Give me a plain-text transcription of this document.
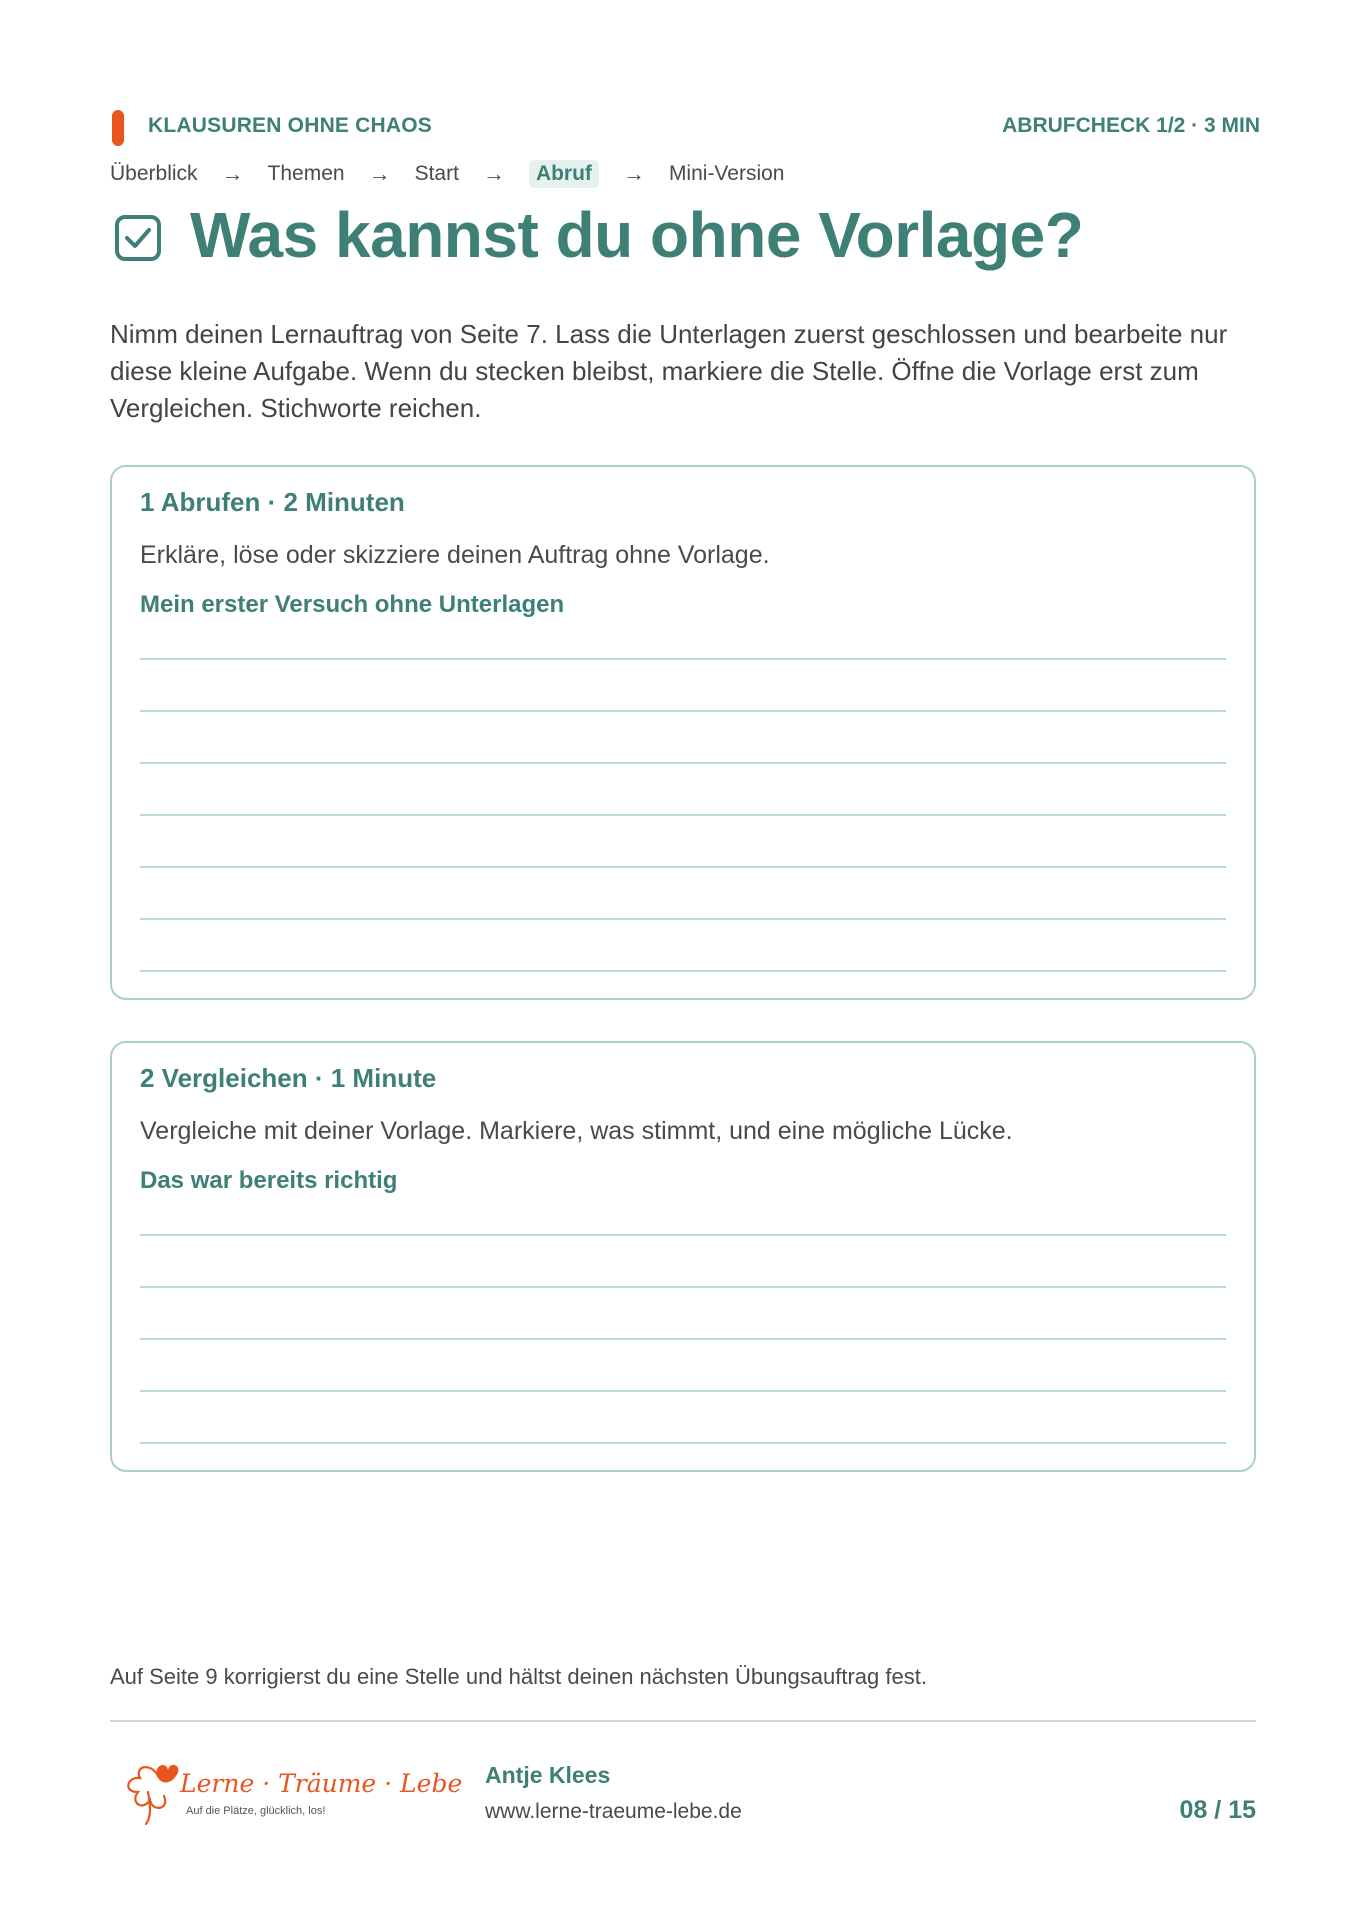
KLAUSUREN OHNE CHAOS	ABRUFCHECK 1/2 · 3 MIN
Überblick → Themen → Start →	Abruf	→ Mini-Version
Was kannst du ohne Vorlage?

Nimm deinen Lernauftrag von Seite 7. Lass die Unterlagen zuerst geschlossen und bearbeite nur diese kleine Aufgabe. Wenn du stecken bleibst, markiere die Stelle. Öffne die Vorlage erst zum Vergleichen. Stichworte reichen.

1 Abrufen · 2 Minuten
Erkläre, löse oder skizziere deinen Auftrag ohne Vorlage.
Mein erster Versuch ohne Unterlagen
2 Vergleichen · 1 Minute
Vergleiche mit deiner Vorlage. Markiere, was stimmt, und eine mögliche Lücke.
Das war bereits richtig

Auf Seite 9 korrigierst du eine Stelle und hältst deinen nächsten Übungsauftrag fest.

Lerne · Träume · Lebe
Auf die Plätze, glücklich, los!
Antje Klees
www.lerne-traeume-lebe.de	08 / 15
